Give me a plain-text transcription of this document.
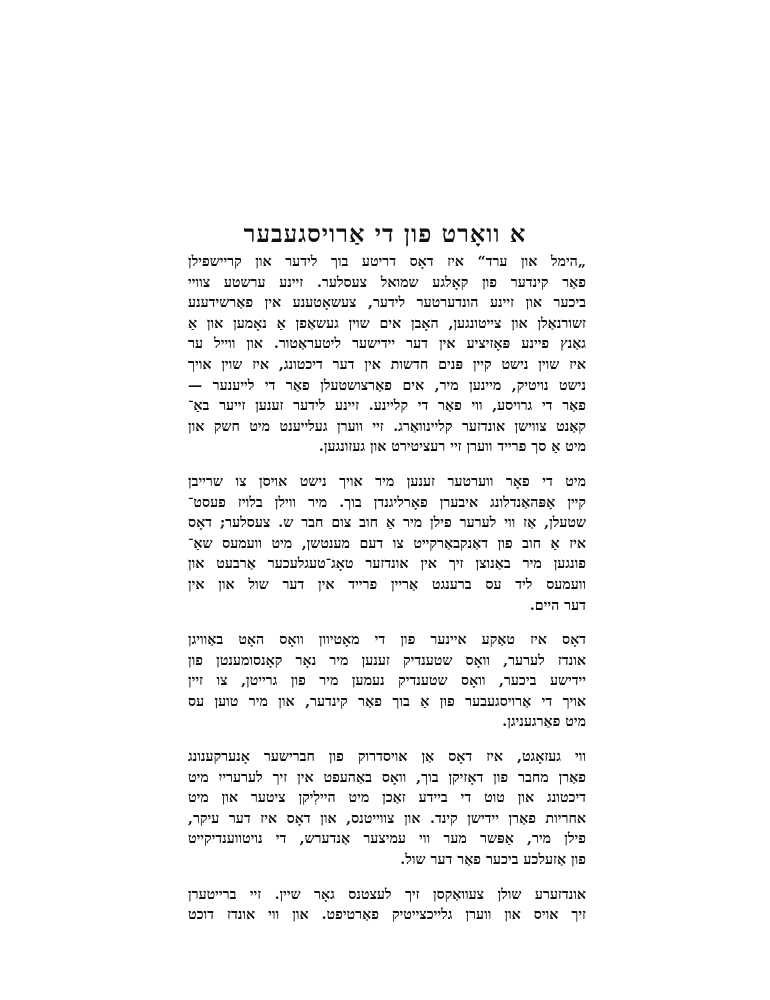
א וואָרט פון די אַרויסגעבער
„הימל און ערד“ איז דאָס דריטע בוך לידער און קריישפילן
פאַר קינדער פון קאָלגע שמואל צעסלער. זיינע ערשטע צוויי
ביכער און זיינע הונדערטער לידער, צעשאָטענע אין פאַרשידענע
זשורנאַלן און צייטונגען, האָבן אים שוין געשאַפן אַ נאָמען און אַ
גאַנץ פיינע פּאָזיציע אין דער יידישער ליטעראַטור. און ווייל ער
איז שוין נישט קיין פּנים חדשות אין דער דיכטונג, איז שוין אויך
נישט נויטיק, מיינען מיר, אים פאַרצושטעלן פאַר די לייענער —
פאַר די גרויסע, ווי פאַר די קליינע. זיינע לידער זענען זייער באַ־
קאַנט צווישן אונדזער קליינוואַרג. זיי ווערן געלייענט מיט חשק און
מיט אַ סך פרייד ווערן זיי רעציטירט און געזונגען.
מיט די פאָר ווערטער זענען מיר אויך נישט אויסן צו שרייבן
קיין אָפּהאַנדלונג איבערן פאָרליגנדן בוך. מיר ווילן בלויז פעסט־
שטעלן, אַז ווי לערער פילן מיר אַ חוב צום חבר ש. צעסלער; דאָס
איז אַ חוב פון דאַנקבאַרקייט צו דעם מענטשן, מיט וועמעס שאַ־
פונגען מיר באַנוצן זיך אין אונדזער טאָג־טעגלעכער אַרבעט און
וועמעס ליד עס ברענגט אַריין פרייד אין דער שול און אין
דער היים.
דאָס איז טאַקע איינער פון די מאָטיוון וואָס האָט באַוויגן
אונדז לערער, וואָס שטענדיק זענען מיר נאָר קאָנסומענטן פון
יידישע ביכער, וואָס שטענדיק נעמען מיר פון גרייטן, צו זיין
אויך די אַרויסגעבער פון אַ בוך פאַר קינדער, און מיר טוען עס
מיט פאַרגעניגן.
ווי געזאָגט, איז דאָס אַן אויסדרוק פון חברישער אָנערקענונג
פאַרן מחבר פון דאָזיקן בוך, וואָס באַהעפט אין זיך לערערייִ מיט
דיכטונג און טוט די ביידע זאַכן מיט היילִיקן ציטער און מיט
אחריות פאַרן יידישן קינד. און צווייטנס, און דאָס איז דער עיקר,
פילן מיר, אַפּשר מער ווי עמיצער אַנדערש, די נויטווענדיקייט
פון אַזעלכע ביכער פאַר דער שול.
אונדזערע שולן צעוואַקסן זיך לעצטנס גאָר שיין. זיי ברייטערן
זיך אויס און ווערן גלייכצייטיק פאַרטיפט. און ווי אונדז דוכט
